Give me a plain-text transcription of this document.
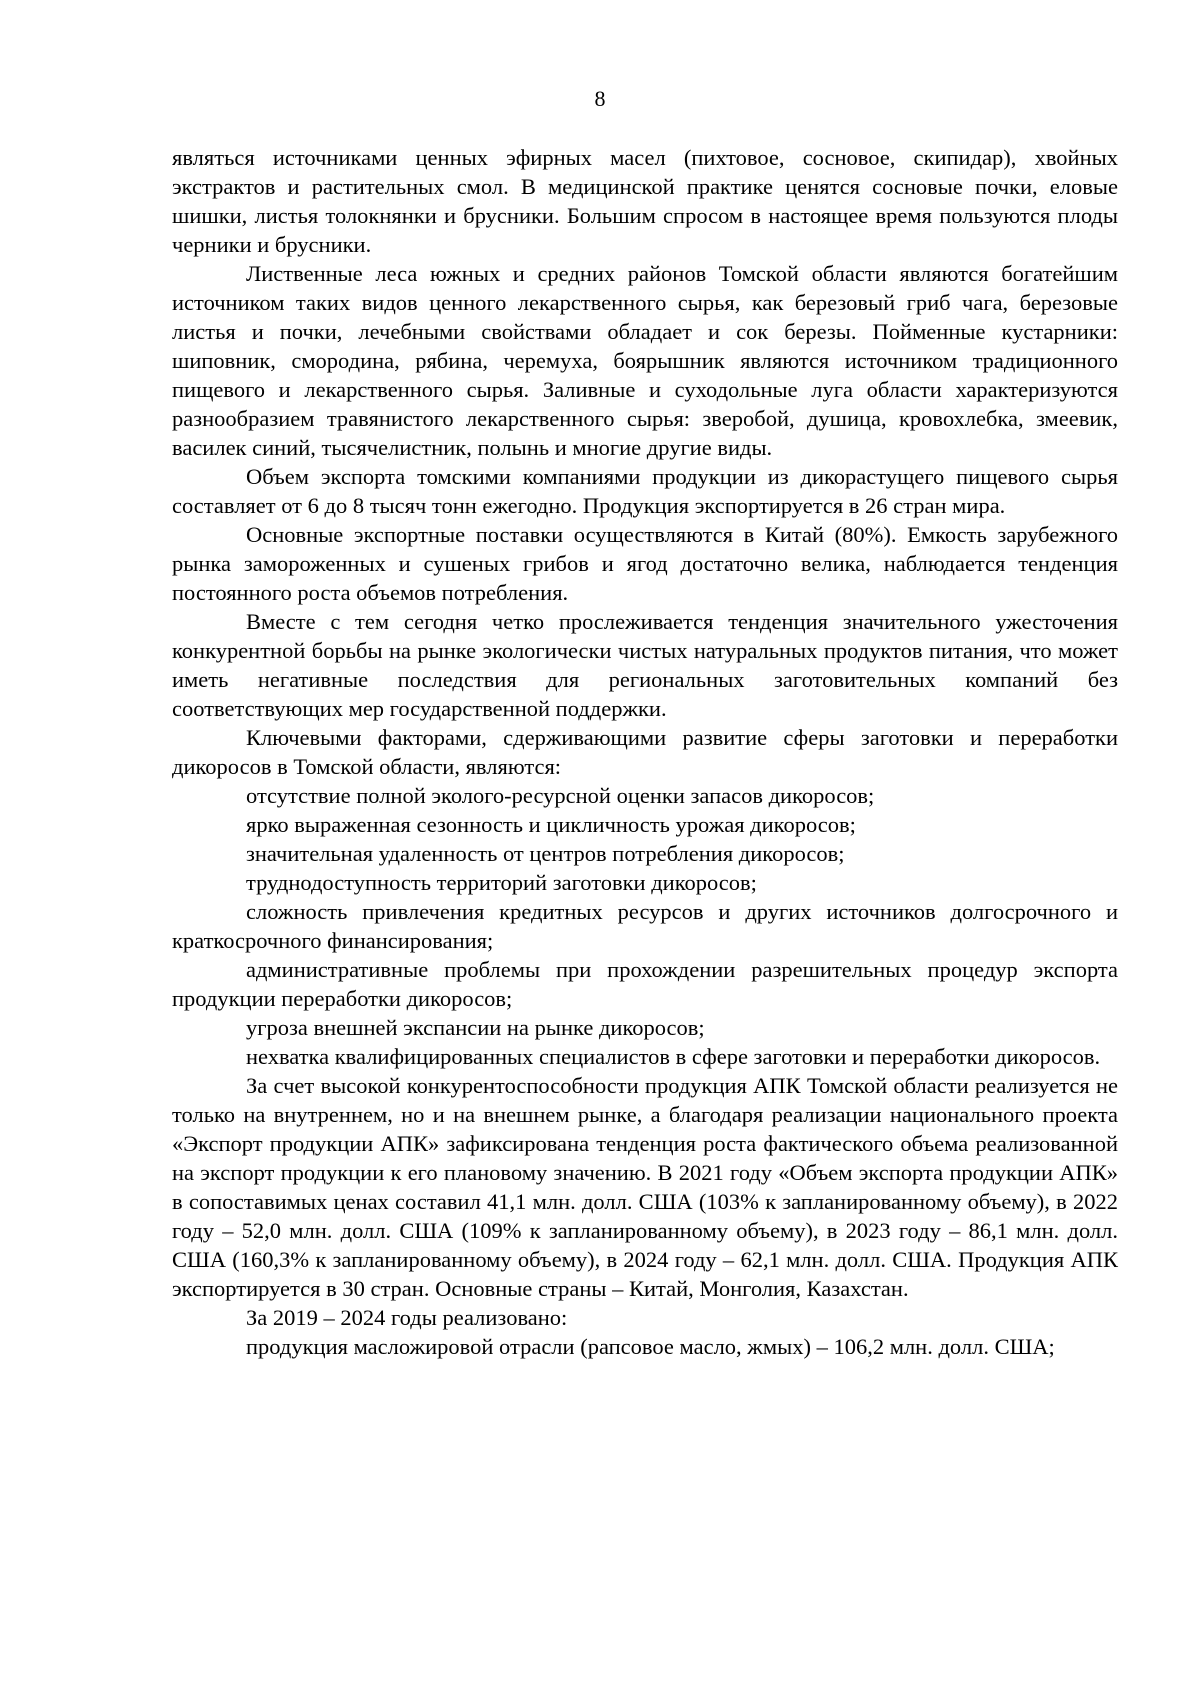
8

являться источниками ценных эфирных масел (пихтовое, сосновое, скипидар), хвойных экстрактов и растительных смол. В медицинской практике ценятся сосновые почки, еловые шишки, листья толокнянки и брусники. Большим спросом в настоящее время пользуются плоды черники и брусники.

Лиственные леса южных и средних районов Томской области являются богатейшим источником таких видов ценного лекарственного сырья, как березовый гриб чага, березовые листья и почки, лечебными свойствами обладает и сок березы. Пойменные кустарники: шиповник, смородина, рябина, черемуха, боярышник являются источником традиционного пищевого и лекарственного сырья. Заливные и суходольные луга области характеризуются разнообразием травянистого лекарственного сырья: зверобой, душица, кровохлебка, змеевик, василек синий, тысячелистник, полынь и многие другие виды.

Объем экспорта томскими компаниями продукции из дикорастущего пищевого сырья составляет от 6 до 8 тысяч тонн ежегодно. Продукция экспортируется в 26 стран мира.

Основные экспортные поставки осуществляются в Китай (80%). Емкость зарубежного рынка замороженных и сушеных грибов и ягод достаточно велика, наблюдается тенденция постоянного роста объемов потребления.

Вместе с тем сегодня четко прослеживается тенденция значительного ужесточения конкурентной борьбы на рынке экологически чистых натуральных продуктов питания, что может иметь негативные последствия для региональных заготовительных компаний без соответствующих мер государственной поддержки.

Ключевыми факторами, сдерживающими развитие сферы заготовки и переработки дикоросов в Томской области, являются:

отсутствие полной эколого-ресурсной оценки запасов дикоросов;

ярко выраженная сезонность и цикличность урожая дикоросов;

значительная удаленность от центров потребления дикоросов;

труднодоступность территорий заготовки дикоросов;

сложность привлечения кредитных ресурсов и других источников долгосрочного и краткосрочного финансирования;

административные проблемы при прохождении разрешительных процедур экспорта продукции переработки дикоросов;

угроза внешней экспансии на рынке дикоросов;

нехватка квалифицированных специалистов в сфере заготовки и переработки дикоросов.

За счет высокой конкурентоспособности продукция АПК Томской области реализуется не только на внутреннем, но и на внешнем рынке, а благодаря реализации национального проекта «Экспорт продукции АПК» зафиксирована тенденция роста фактического объема реализованной на экспорт продукции к его плановому значению. В 2021 году «Объем экспорта продукции АПК» в сопоставимых ценах составил 41,1 млн. долл. США (103% к запланированному объему), в 2022 году – 52,0 млн. долл. США (109% к запланированному объему), в 2023 году – 86,1 млн. долл. США (160,3% к запланированному объему), в 2024 году – 62,1 млн. долл. США. Продукция АПК экспортируется в 30 стран. Основные страны – Китай, Монголия, Казахстан.

За 2019 – 2024 годы реализовано:

продукция масложировой отрасли (рапсовое масло, жмых) – 106,2 млн. долл. США;
